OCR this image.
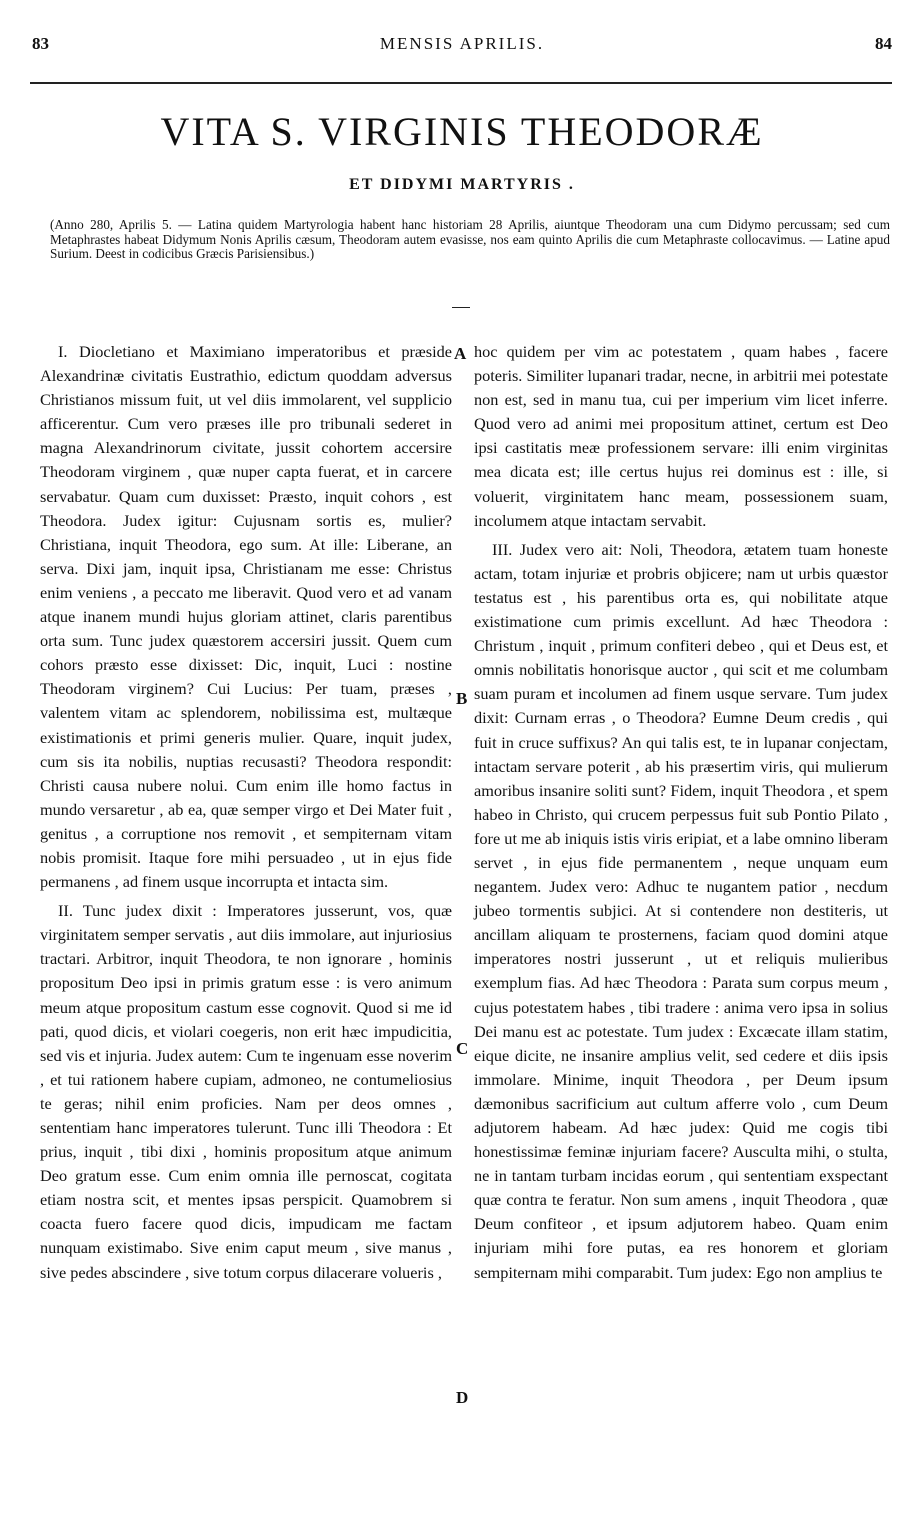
83	MENSIS APRILIS.	84
VITA S. VIRGINIS THEODORÆ
ET DIDYMI MARTYRIS .
(Anno 280, Aprilis 5. — Latina quidem Martyrologia habent hanc historiam 28 Aprilis, aiuntque Theodoram una cum Didymo percussam; sed cum Metaphrastes habeat Didymum Nonis Aprilis cæsum, Theodoram autem evasisse, nos eam quinto Aprilis die cum Metaphraste collocavimus. — Latine apud Surium. Deest in codicibus Græcis Parisiensibus.)

I. Diocletiano et Maximiano imperatoribus et præside Alexandrinæ civitatis Eustrathio, edictum quoddam adversus Christianos missum fuit, ut vel diis immolarent, vel supplicio afficerentur. Cum vero præses ille pro tribunali sederet in magna Alexandrinorum civitate, jussit cohortem accersire Theodoram virginem , quæ nuper capta fuerat, et in carcere servabatur. Quam cum duxisset: Præsto, inquit cohors , est Theodora. Judex igitur: Cujusnam sortis es, mulier? Christiana, inquit Theodora, ego sum. At ille: Liberane, an serva. Dixi jam, inquit ipsa, Christianam me esse: Christus enim veniens , a peccato me liberavit. Quod vero et ad vanam atque inanem mundi hujus gloriam attinet, claris parentibus orta sum. Tunc judex quæstorem accersiri jussit. Quem cum cohors præsto esse dixisset: Dic, inquit, Luci : nostine Theodoram virginem? Cui Lucius: Per tuam, præses , valentem vitam ac splendorem, nobilissima est, multæque existimationis et primi generis mulier. Quare, inquit judex, cum sis ita nobilis, nuptias recusasti? Theodora respondit: Christi causa nubere nolui. Cum enim ille homo factus in mundo versaretur , ab ea, quæ semper virgo et Dei Mater fuit , genitus , a corruptione nos removit , et sempiternam vitam nobis promisit. Itaque fore mihi persuadeo , ut in ejus fide permanens , ad finem usque incorrupta et intacta sim.

II. Tunc judex dixit : Imperatores jusserunt, vos, quæ virginitatem semper servatis , aut diis immolare, aut injuriosius tractari. Arbitror, inquit Theodora, te non ignorare , hominis propositum Deo ipsi in primis gratum esse : is vero animum meum atque propositum castum esse cognovit. Quod si me id pati, quod dicis, et violari coegeris, non erit hæc impudicitia, sed vis et injuria. Judex autem: Cum te ingenuam esse noverim , et tui rationem habere cupiam, admoneo, ne contumeliosius te geras; nihil enim proficies. Nam per deos omnes , sententiam hanc imperatores tulerunt. Tunc illi Theodora : Et prius, inquit , tibi dixi , hominis propositum atque animum Deo gratum esse. Cum enim omnia ille pernoscat, cogitata etiam nostra scit, et mentes ipsas perspicit. Quamobrem si coacta fuero facere quod dicis, impudicam me factam nunquam existimabo. Sive enim caput meum , sive manus , sive pedes abscindere , sive totum corpus dilacerare volueris ,

hoc quidem per vim ac potestatem , quam habes , facere poteris. Similiter lupanari tradar, necne, in arbitrii mei potestate non est, sed in manu tua, cui per imperium vim licet inferre. Quod vero ad animi mei propositum attinet, certum est Deo ipsi castitatis meæ professionem servare: illi enim virginitas mea dicata est; ille certus hujus rei dominus est : ille, si voluerit, virginitatem hanc meam, possessionem suam, incolumem atque intactam servabit.

III. Judex vero ait: Noli, Theodora, ætatem tuam honeste actam, totam injuriæ et probris objicere; nam ut urbis quæstor testatus est , his parentibus orta es, qui nobilitate atque existimatione cum primis excellunt. Ad hæc Theodora : Christum , inquit , primum confiteri debeo , qui et Deus est, et omnis nobilitatis honorisque auctor , qui scit et me columbam suam puram et incolumen ad finem usque servare. Tum judex dixit: Curnam erras , o Theodora? Eumne Deum credis , qui fuit in cruce suffixus? An qui talis est, te in lupanar conjectam, intactam servare poterit , ab his præsertim viris, qui mulierum amoribus insanire soliti sunt? Fidem, inquit Theodora , et spem habeo in Christo, qui crucem perpessus fuit sub Pontio Pilato , fore ut me ab iniquis istis viris eripiat, et a labe omnino liberam servet , in ejus fide permanentem , neque unquam eum negantem. Judex vero: Adhuc te nugantem patior , necdum jubeo tormentis subjici. At si contendere non destiteris, ut ancillam aliquam te prosternens, faciam quod domini atque imperatores nostri jusserunt , ut et reliquis mulieribus exemplum fias. Ad hæc Theodora : Parata sum corpus meum , cujus potestatem habes , tibi tradere : anima vero ipsa in solius Dei manu est ac potestate. Tum judex : Excæcate illam statim, eique dicite, ne insanire amplius velit, sed cedere et diis ipsis immolare. Minime, inquit Theodora , per Deum ipsum dæmonibus sacrificium aut cultum afferre volo , cum Deum adjutorem habeam. Ad hæc judex: Quid me cogis tibi honestissimæ feminæ injuriam facere? Ausculta mihi, o stulta, ne in tantam turbam incidas eorum , qui sententiam exspectant quæ contra te feratur. Non sum amens , inquit Theodora , quæ Deum confiteor , et ipsum adjutorem habeo. Quam enim injuriam mihi fore putas, ea res honorem et gloriam sempiternam mihi comparabit. Tum judex: Ego non amplius te

A
B
C
D
